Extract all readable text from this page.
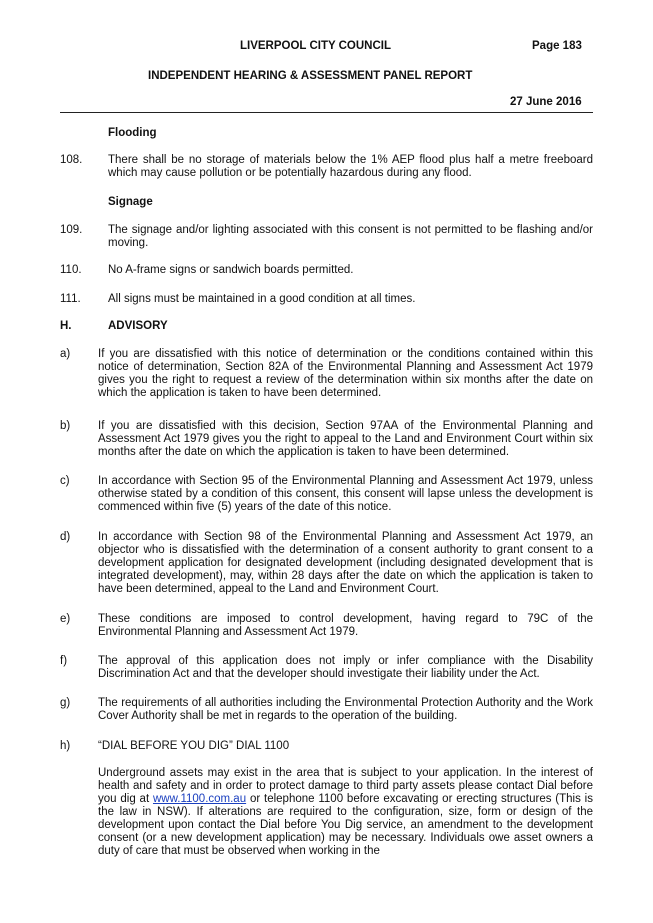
LIVERPOOL CITY COUNCIL	Page 183
INDEPENDENT HEARING & ASSESSMENT PANEL REPORT
27 June 2016
Flooding
108. There shall be no storage of materials below the 1% AEP flood plus half a metre freeboard which may cause pollution or be potentially hazardous during any flood.
Signage
109. The signage and/or lighting associated with this consent is not permitted to be flashing and/or moving.
110. No A-frame signs or sandwich boards permitted.
111. All signs must be maintained in a good condition at all times.
H.	ADVISORY
a) If you are dissatisfied with this notice of determination or the conditions contained within this notice of determination, Section 82A of the Environmental Planning and Assessment Act 1979 gives you the right to request a review of the determination within six months after the date on which the application is taken to have been determined.
b) If you are dissatisfied with this decision, Section 97AA of the Environmental Planning and Assessment Act 1979 gives you the right to appeal to the Land and Environment Court within six months after the date on which the application is taken to have been determined.
c) In accordance with Section 95 of the Environmental Planning and Assessment Act 1979, unless otherwise stated by a condition of this consent, this consent will lapse unless the development is commenced within five (5) years of the date of this notice.
d) In accordance with Section 98 of the Environmental Planning and Assessment Act 1979, an objector who is dissatisfied with the determination of a consent authority to grant consent to a development application for designated development (including designated development that is integrated development), may, within 28 days after the date on which the application is taken to have been determined, appeal to the Land and Environment Court.
e) These conditions are imposed to control development, having regard to 79C of the Environmental Planning and Assessment Act 1979.
f)	The approval of this application does not imply or infer compliance with the Disability Discrimination Act and that the developer should investigate their liability under the Act.
g) The requirements of all authorities including the Environmental Protection Authority and the Work Cover Authority shall be met in regards to the operation of the building.
h) “DIAL BEFORE YOU DIG” DIAL 1100
Underground assets may exist in the area that is subject to your application. In the interest of health and safety and in order to protect damage to third party assets please contact Dial before you dig at www.1100.com.au or telephone 1100 before excavating or erecting structures (This is the law in NSW). If alterations are required to the configuration, size, form or design of the development upon contact the Dial before You Dig service, an amendment to the development consent (or a new development application) may be necessary. Individuals owe asset owners a duty of care that must be observed when working in the
